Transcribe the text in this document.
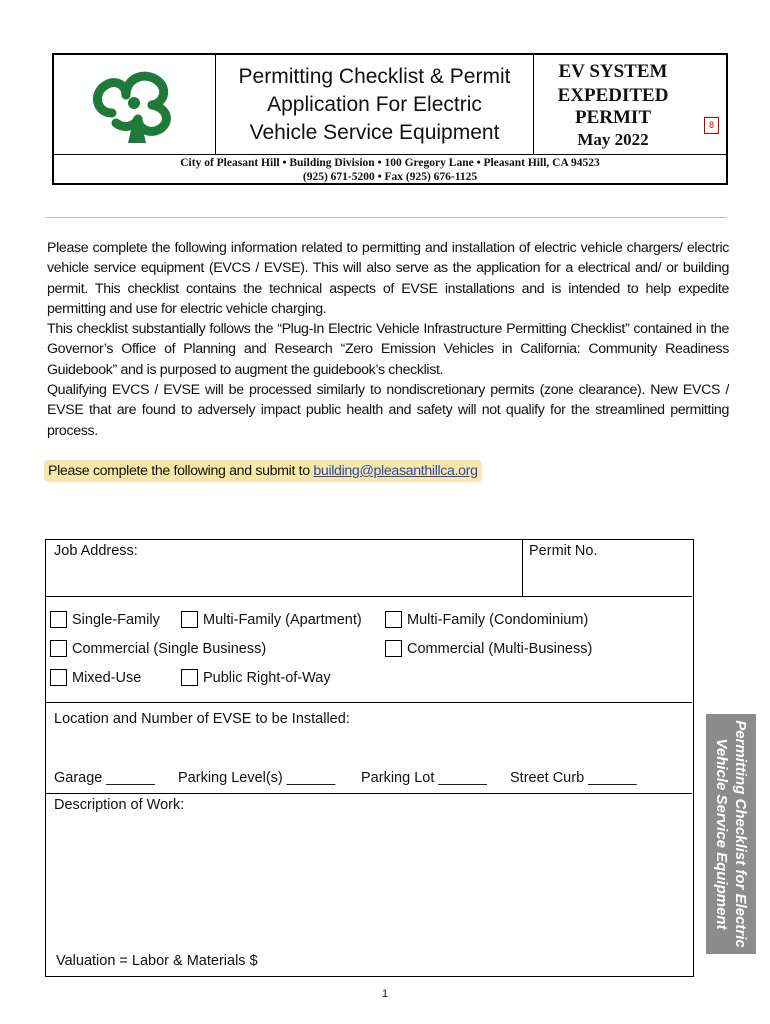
Permitting Checklist & Permit
Application For Electric
Vehicle Service Equipment
EV SYSTEM
EXPEDITED
PERMIT
May 2022
8
City of Pleasant Hill • Building Division • 100 Gregory Lane • Pleasant Hill, CA 94523
(925) 671-5200 • Fax (925) 676-1125

Please complete the following information related to permitting and installation of electric vehicle chargers/ electric vehicle service equipment (EVCS / EVSE). This will also serve as the application for a electrical and/ or building permit. This checklist contains the technical aspects of EVSE installations and is intended to help expedite permitting and use for electric vehicle charging.

This checklist substantially follows the “Plug-In Electric Vehicle Infrastructure Permitting Checklist” contained in the Governor’s Office of Planning and Research “Zero Emission Vehicles in California: Community Readiness Guidebook” and is purposed to augment the guidebook’s checklist.

Qualifying EVCS / EVSE will be processed similarly to nondiscretionary permits (zone clearance). New EVCS / EVSE that are found to adversely impact public health and safety will not qualify for the streamlined permitting process.

Please complete the following and submit to building@pleasanthillca.org
Job Address:	Permit No.
Single-Family	Multi-Family (Apartment)	Multi-Family (Condominium)
Commercial (Single Business)	Commercial (Multi-Business)
Mixed-Use	Public Right-of-Way
Location and Number of EVSE to be Installed:
Garage ______ Parking Level(s) ______ Parking Lot ______ Street Curb ______
Description of Work:
Valuation = Labor & Materials $
Permitting Checklist for Electric
Vehicle Service Equipment
1
